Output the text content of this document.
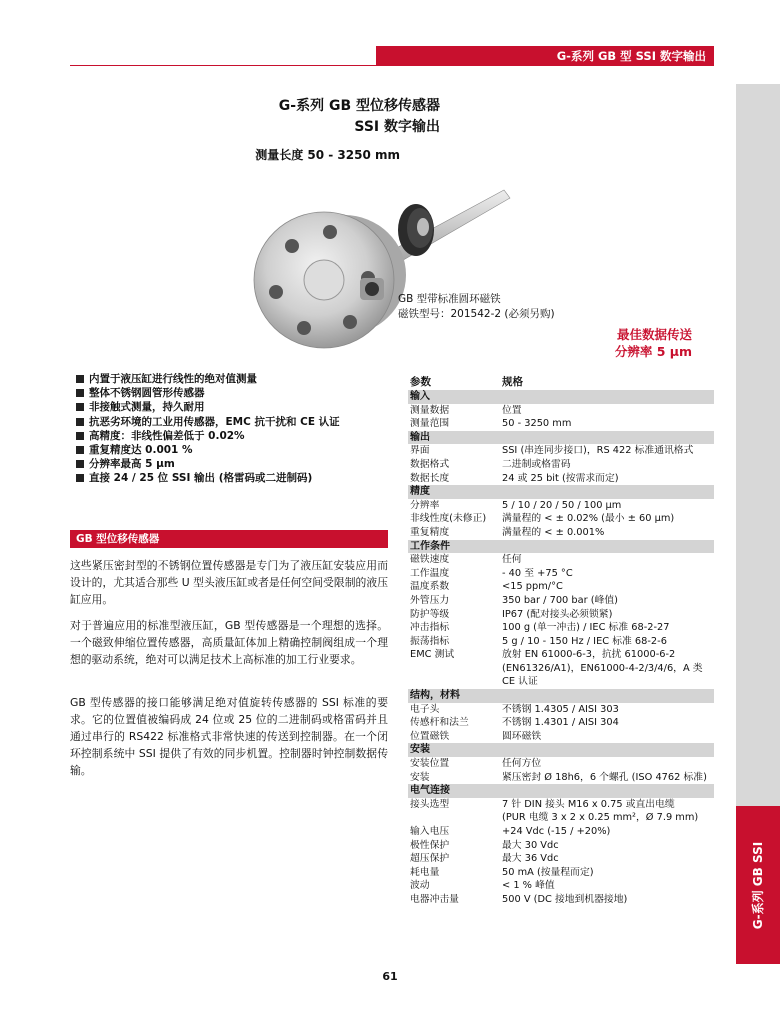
G-系列 GB 型 SSI 数字输出
G-系列 GB SSI
G-系列 GB 型位移传感器
SSI 数字输出
测量长度 50 - 3250 mm
GB 型带标准圆环磁铁
磁铁型号：201542-2 (必须另购)
最佳数据传送
分辨率 5 µm
内置于液压缸进行线性的绝对值测量
整体不锈钢圆管形传感器
非接触式测量，持久耐用
抗恶劣环境的工业用传感器，EMC 抗干扰和 CE 认证
高精度：非线性偏差低于 0.02%
重复精度达 0.001 %
分辨率最高 5 µm
直接 24 / 25 位 SSI 输出 (格雷码或二进制码)
GB 型位移传感器
这些紧压密封型的不锈钢位置传感器是专门为了液压缸安装应用而设计的，尤其适合那些 U 型头液压缸或者是任何空间受限制的液压缸应用。
对于普遍应用的标准型液压缸，GB 型传感器是一个理想的选择。一个磁致伸缩位置传感器，高质量缸体加上精确控制阀组成一个理想的驱动系统，绝对可以满足技术上高标准的加工行业要求。
GB 型传感器的接口能够满足绝对值旋转传感器的 SSI 标准的要求。它的位置值被编码成 24 位或 25 位的二进制码或格雷码并且通过串行的 RS422 标准格式非常快速的传送到控制器。在一个闭环控制系统中 SSI 提供了有效的同步机置。控制器时钟控制数据传输。
参数	规格
输入
测量数据	位置
测量范围	50 - 3250 mm
输出
界面	SSI (串连同步接口)，RS 422 标准通讯格式
数据格式	二进制或格雷码
数据长度	24 或 25 bit (按需求而定)
精度
分辨率	5 / 10 / 20 / 50 / 100 µm
非线性度(未修正)	满量程的 < ± 0.02% (最小 ± 60 µm)
重复精度	满量程的 < ± 0.001%
工作条件
磁铁速度	任何
工作温度	- 40 至 +75 °C
温度系数	<15 ppm/°C
外管压力	350 bar / 700 bar (峰值)
防护等级	IP67 (配对接头必须锁紧)
冲击指标	100 g (单一冲击) / IEC 标准 68-2-27
振荡指标	5 g / 10 - 150 Hz / IEC 标准 68-2-6
EMC 测试	放射 EN 61000-6-3，抗扰 61000-6-2
(EN61326/A1)，EN61000-4-2/3/4/6，A 类 CE 认证
结构，材料
电子头	不锈钢 1.4305 / AISI 303
传感杆和法兰	不锈钢 1.4301 / AISI 304
位置磁铁	圆环磁铁
安装
安装位置	任何方位
安装	紧压密封 Ø 18h6，6 个螺孔 (ISO 4762 标准)
电气连接
接头选型	7 针 DIN 接头 M16 x 0.75 或直出电缆
(PUR 电缆 3 x 2 x 0.25 mm²，Ø 7.9 mm)
输入电压	+24 Vdc (-15 / +20%)
极性保护	最大 30 Vdc
超压保护	最大 36 Vdc
耗电量	50 mA (按量程而定)
波动	< 1 % 峰值
电器冲击量	500 V (DC 接地到机器接地)
61
